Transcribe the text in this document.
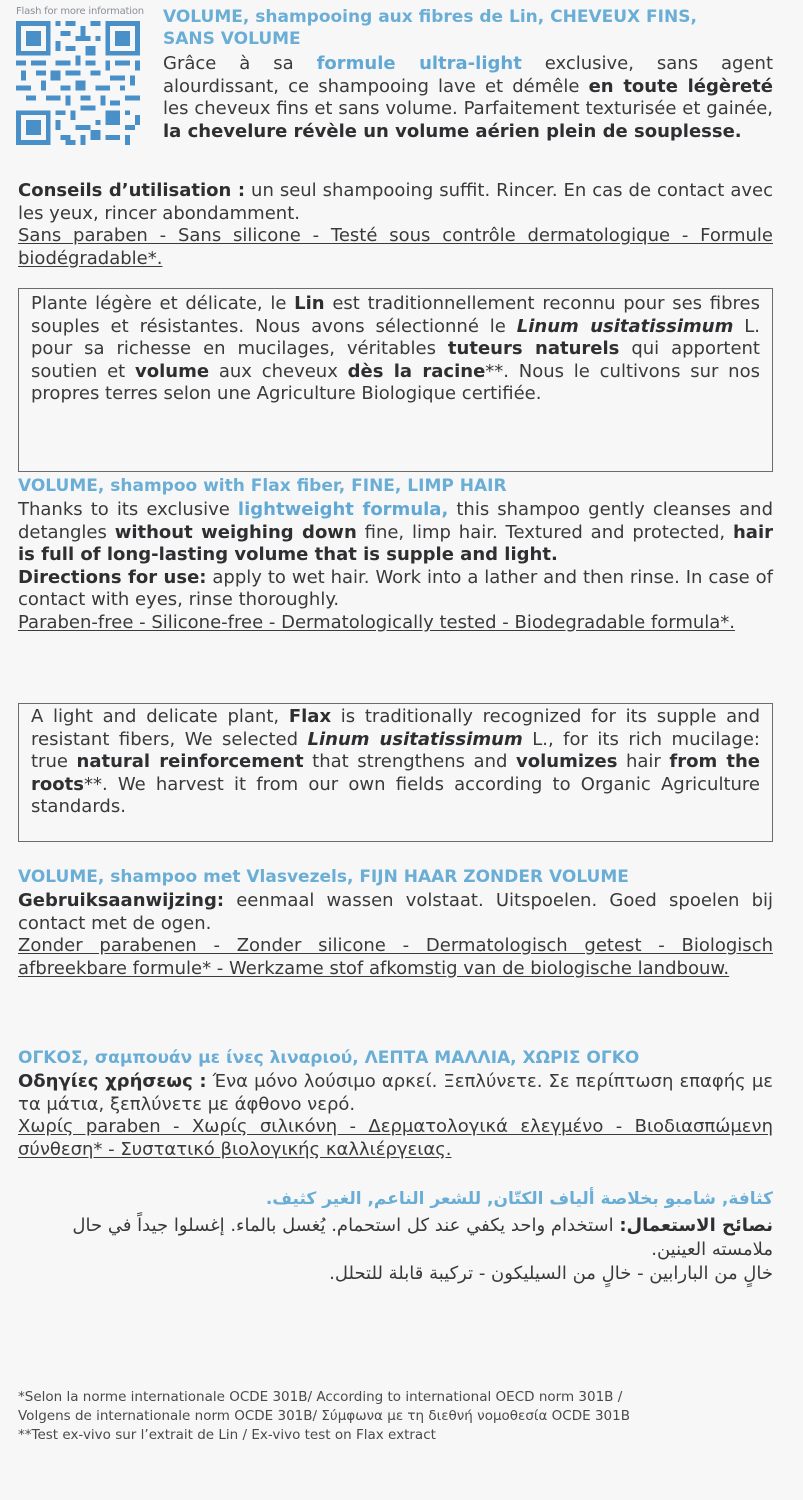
Flash for more information	VOLUME, shampooing aux fibres de Lin, CHEVEUX FINS,
SANS VOLUME

Grâce à sa formule ultra-light exclusive, sans agent alourdissant, ce shampooing lave et démêle en toute légèreté les cheveux fins et sans volume. Parfaitement texturisée et gainée, la chevelure révèle un volume aérien plein de souplesse.

Conseils d’utilisation : un seul shampooing suffit. Rincer. En cas de contact avec les yeux, rincer abondamment.

Sans paraben - Sans silicone - Testé sous contrôle dermatologique - Formule biodégradable*.

Plante légère et délicate, le Lin est traditionnellement reconnu pour ses fibres souples et résistantes. Nous avons sélectionné le Linum usitatissimum L. pour sa richesse en mucilages, véritables tuteurs naturels qui apportent soutien et volume aux cheveux dès la racine**. Nous le cultivons sur nos propres terres selon une Agriculture Biologique certifiée.

VOLUME, shampoo with Flax fiber, FINE, LIMP HAIR

Thanks to its exclusive lightweight formula, this shampoo gently cleanses and detangles without weighing down fine, limp hair. Textured and protected, hair is full of long-lasting volume that is supple and light.

Directions for use: apply to wet hair. Work into a lather and then rinse. In case of contact with eyes, rinse thoroughly.

Paraben-free - Silicone-free - Dermatologically tested - Biodegradable formula*.

A light and delicate plant, Flax is traditionally recognized for its supple and resistant fibers, We selected Linum usitatissimum L., for its rich mucilage: true natural reinforcement that strengthens and volumizes hair from the roots**. We harvest it from our own fields according to Organic Agriculture standards.

VOLUME, shampoo met Vlasvezels, FIJN HAAR ZONDER VOLUME

Gebruiksaanwijzing: eenmaal wassen volstaat. Uitspoelen. Goed spoelen bij contact met de ogen.

Zonder parabenen - Zonder silicone - Dermatologisch getest - Biologisch afbreekbare formule* - Werkzame stof afkomstig van de biologische landbouw.

ΟΓΚΟΣ, σαμπουάν με ίνες λιναριού, ΛΕΠΤΑ ΜΑΛΛΙΑ, ΧΩΡΙΣ ΟΓΚΟ

Οδηγίες χρήσεως : Ένα μόνο λούσιμο αρκεί. Ξεπλύνετε. Σε περίπτωση επαφής με τα μάτια, ξεπλύνετε με άφθονο νερό.

Χωρίς paraben - Χωρίς σιλικόνη - Δερματολογικά ελεγμένο - Βιοδιασπώμενη σύνθεση* - Συστατικό βιολογικής καλλιέργειας.

كثافة, شامبو بخلاصة ألياف الكتّان, للشعر الناعم, الغير كثيف.

نصائح الاستعمال: استخدام واحد يكفي عند كل استحمام. يُغسل بالماء. إغسلوا جيداً في حال ملامسته العينين.

خالٍ من البارابين - خالٍ من السيليكون - تركيبة قابلة للتحلل.

*Selon la norme internationale OCDE 301B/ According to international OECD norm 301B /
Volgens de internationale norm OCDE 301B/ Σύμφωνα με τη διεθνή νομοθεσία OCDE 301B
**Test ex-vivo sur l’extrait de Lin / Ex-vivo test on Flax extract
